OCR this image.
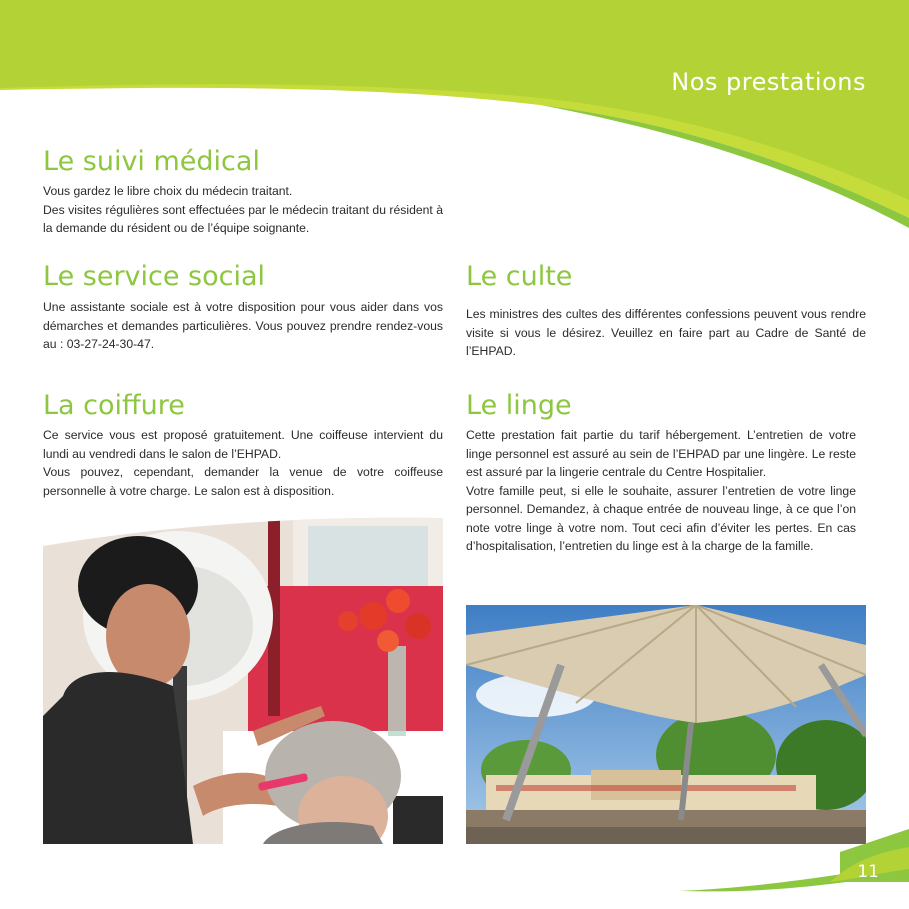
Nos prestations
Le suivi médical

Vous gardez le libre choix du médecin traitant.

Des visites régulières sont effectuées par le médecin traitant du résident à la demande du résident ou de l’équipe soignante.

Le service social

Une assistante sociale est à votre disposition pour vous aider dans vos démarches et demandes particulières. Vous pouvez prendre rendez-vous au : 03-27-24-30-47.

Le culte

Les ministres des cultes des différentes confessions peuvent vous rendre visite si vous le désirez. Veuillez en faire part au Cadre de Santé de l’EHPAD.

La coiffure

Ce service vous est proposé gratuitement. Une coiffeuse intervient du lundi au vendredi dans le salon de l’EHPAD.

Vous pouvez, cependant, demander la venue de votre coiffeuse personnelle à votre charge. Le salon est à disposition.

Le linge

Cette prestation fait partie du tarif hébergement. L’entretien de votre linge personnel est assuré au sein de l’EHPAD par une lingère. Le reste est assuré par la lingerie centrale du Centre Hospitalier.

Votre famille peut, si elle le souhaite, assurer l’entretien de votre linge personnel. Demandez, à chaque entrée de nouveau linge, à ce que l’on note votre linge à votre nom. Tout ceci afin d’éviter les pertes. En cas d’hospitalisation, l’entretien du linge est à la charge de la famille.

11
